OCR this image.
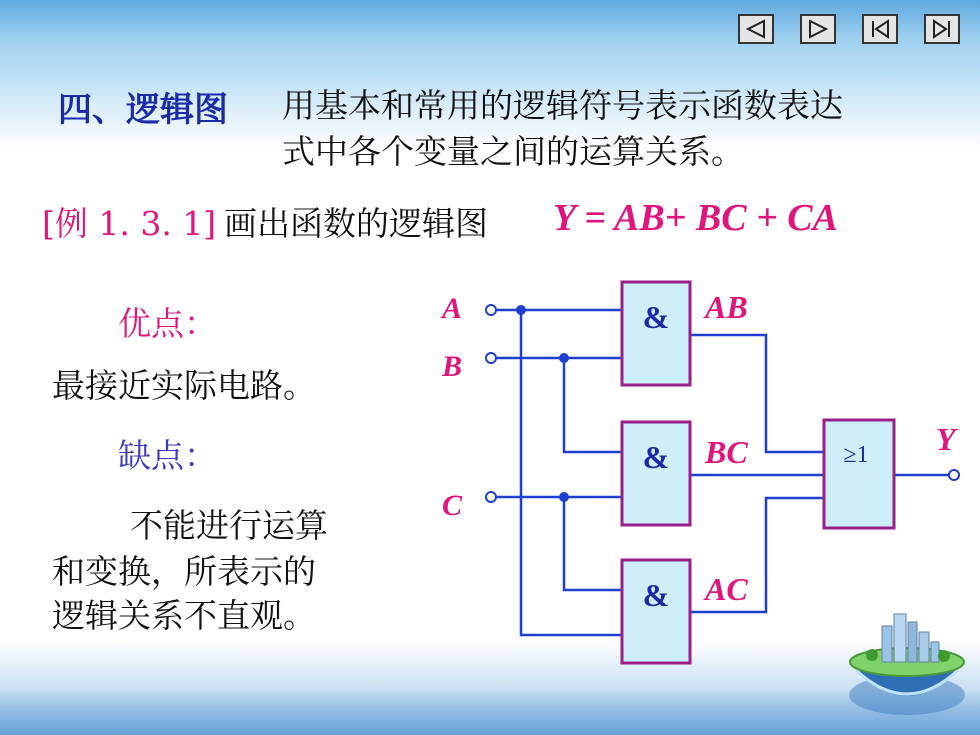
四、逻辑图 用基本和常用的逻辑符号表示函数表达
式中各个变量之间的运算关系。
[例 1. 3. 1] 画出函数的逻辑图 Y = AB+ BC + CA
优点：
最接近实际电路。
缺点：
不能进行运算
和变换，所表示的
逻辑关系不直观。
&
&
&
≥1
A
B
C
AB
BC
AC
Y
